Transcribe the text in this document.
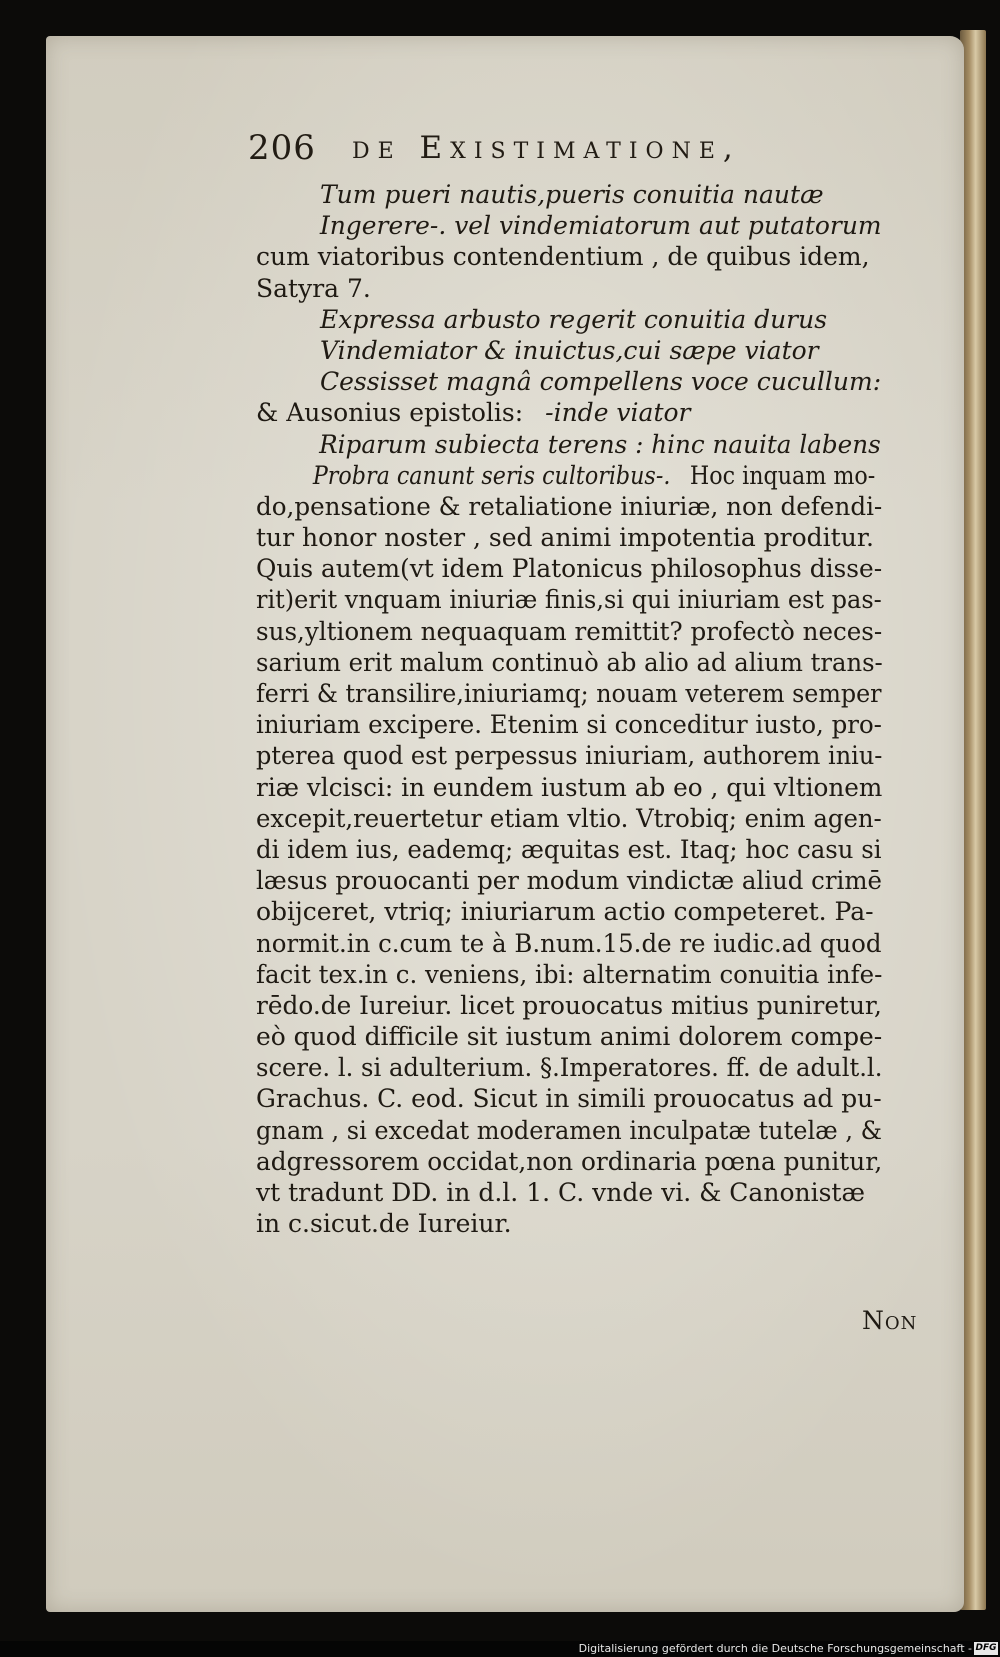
206 de Existimatione,
Tum pueri nautis,pueris conuitia nautæ
Ingerere-. vel vindemiatorum aut putatorum
cum viatoribus contendentium , de quibus idem,
Satyra 7.
Expressa arbusto regerit conuitia durus
Vindemiator & inuictus,cui sæpe viator
Cessisset magnâ compellens voce cucullum:
& Ausonius epistolis: -inde viator
Riparum subiecta terens : hinc nauita labens
Probra canunt seris cultoribus-. Hoc inquam mo-
do,pensatione & retaliatione iniuriæ, non defendi-
tur honor noster , sed animi impotentia proditur.
Quis autem(vt idem Platonicus philosophus disse-
rit)erit vnquam iniuriæ finis,si qui iniuriam est pas-
sus,yltionem nequaquam remittit? profectò neces-
sarium erit malum continuò ab alio ad alium trans-
ferri & transilire,iniuriamq; nouam veterem semper
iniuriam excipere. Etenim si conceditur iusto, pro-
pterea quod est perpessus iniuriam, authorem iniu-
riæ vlcisci: in eundem iustum ab eo , qui vltionem
excepit,reuertetur etiam vltio. Vtrobiq; enim agen-
di idem ius, eademq; æquitas est. Itaq; hoc casu si
læsus prouocanti per modum vindictæ aliud crimē
obijceret, vtriq; iniuriarum actio competeret. Pa-
normit.in c.cum te à B.num.15.de re iudic.ad quod
facit tex.in c. veniens, ibi: alternatim conuitia infe-
rēdo.de Iureiur. licet prouocatus mitius puniretur,
eò quod difficile sit iustum animi dolorem compe-
scere. l. si adulterium. §.Imperatores. ff. de adult.l.
Grachus. C. eod. Sicut in simili prouocatus ad pu-
gnam , si excedat moderamen inculpatæ tutelæ , &
adgressorem occidat,non ordinaria pœna punitur,
vt tradunt DD. in d.l. 1. C. vnde vi. & Canonistæ
in c.sicut.de Iureiur.
Non
Digitalisierung gefördert durch die Deutsche Forschungsgemeinschaft - DFG
